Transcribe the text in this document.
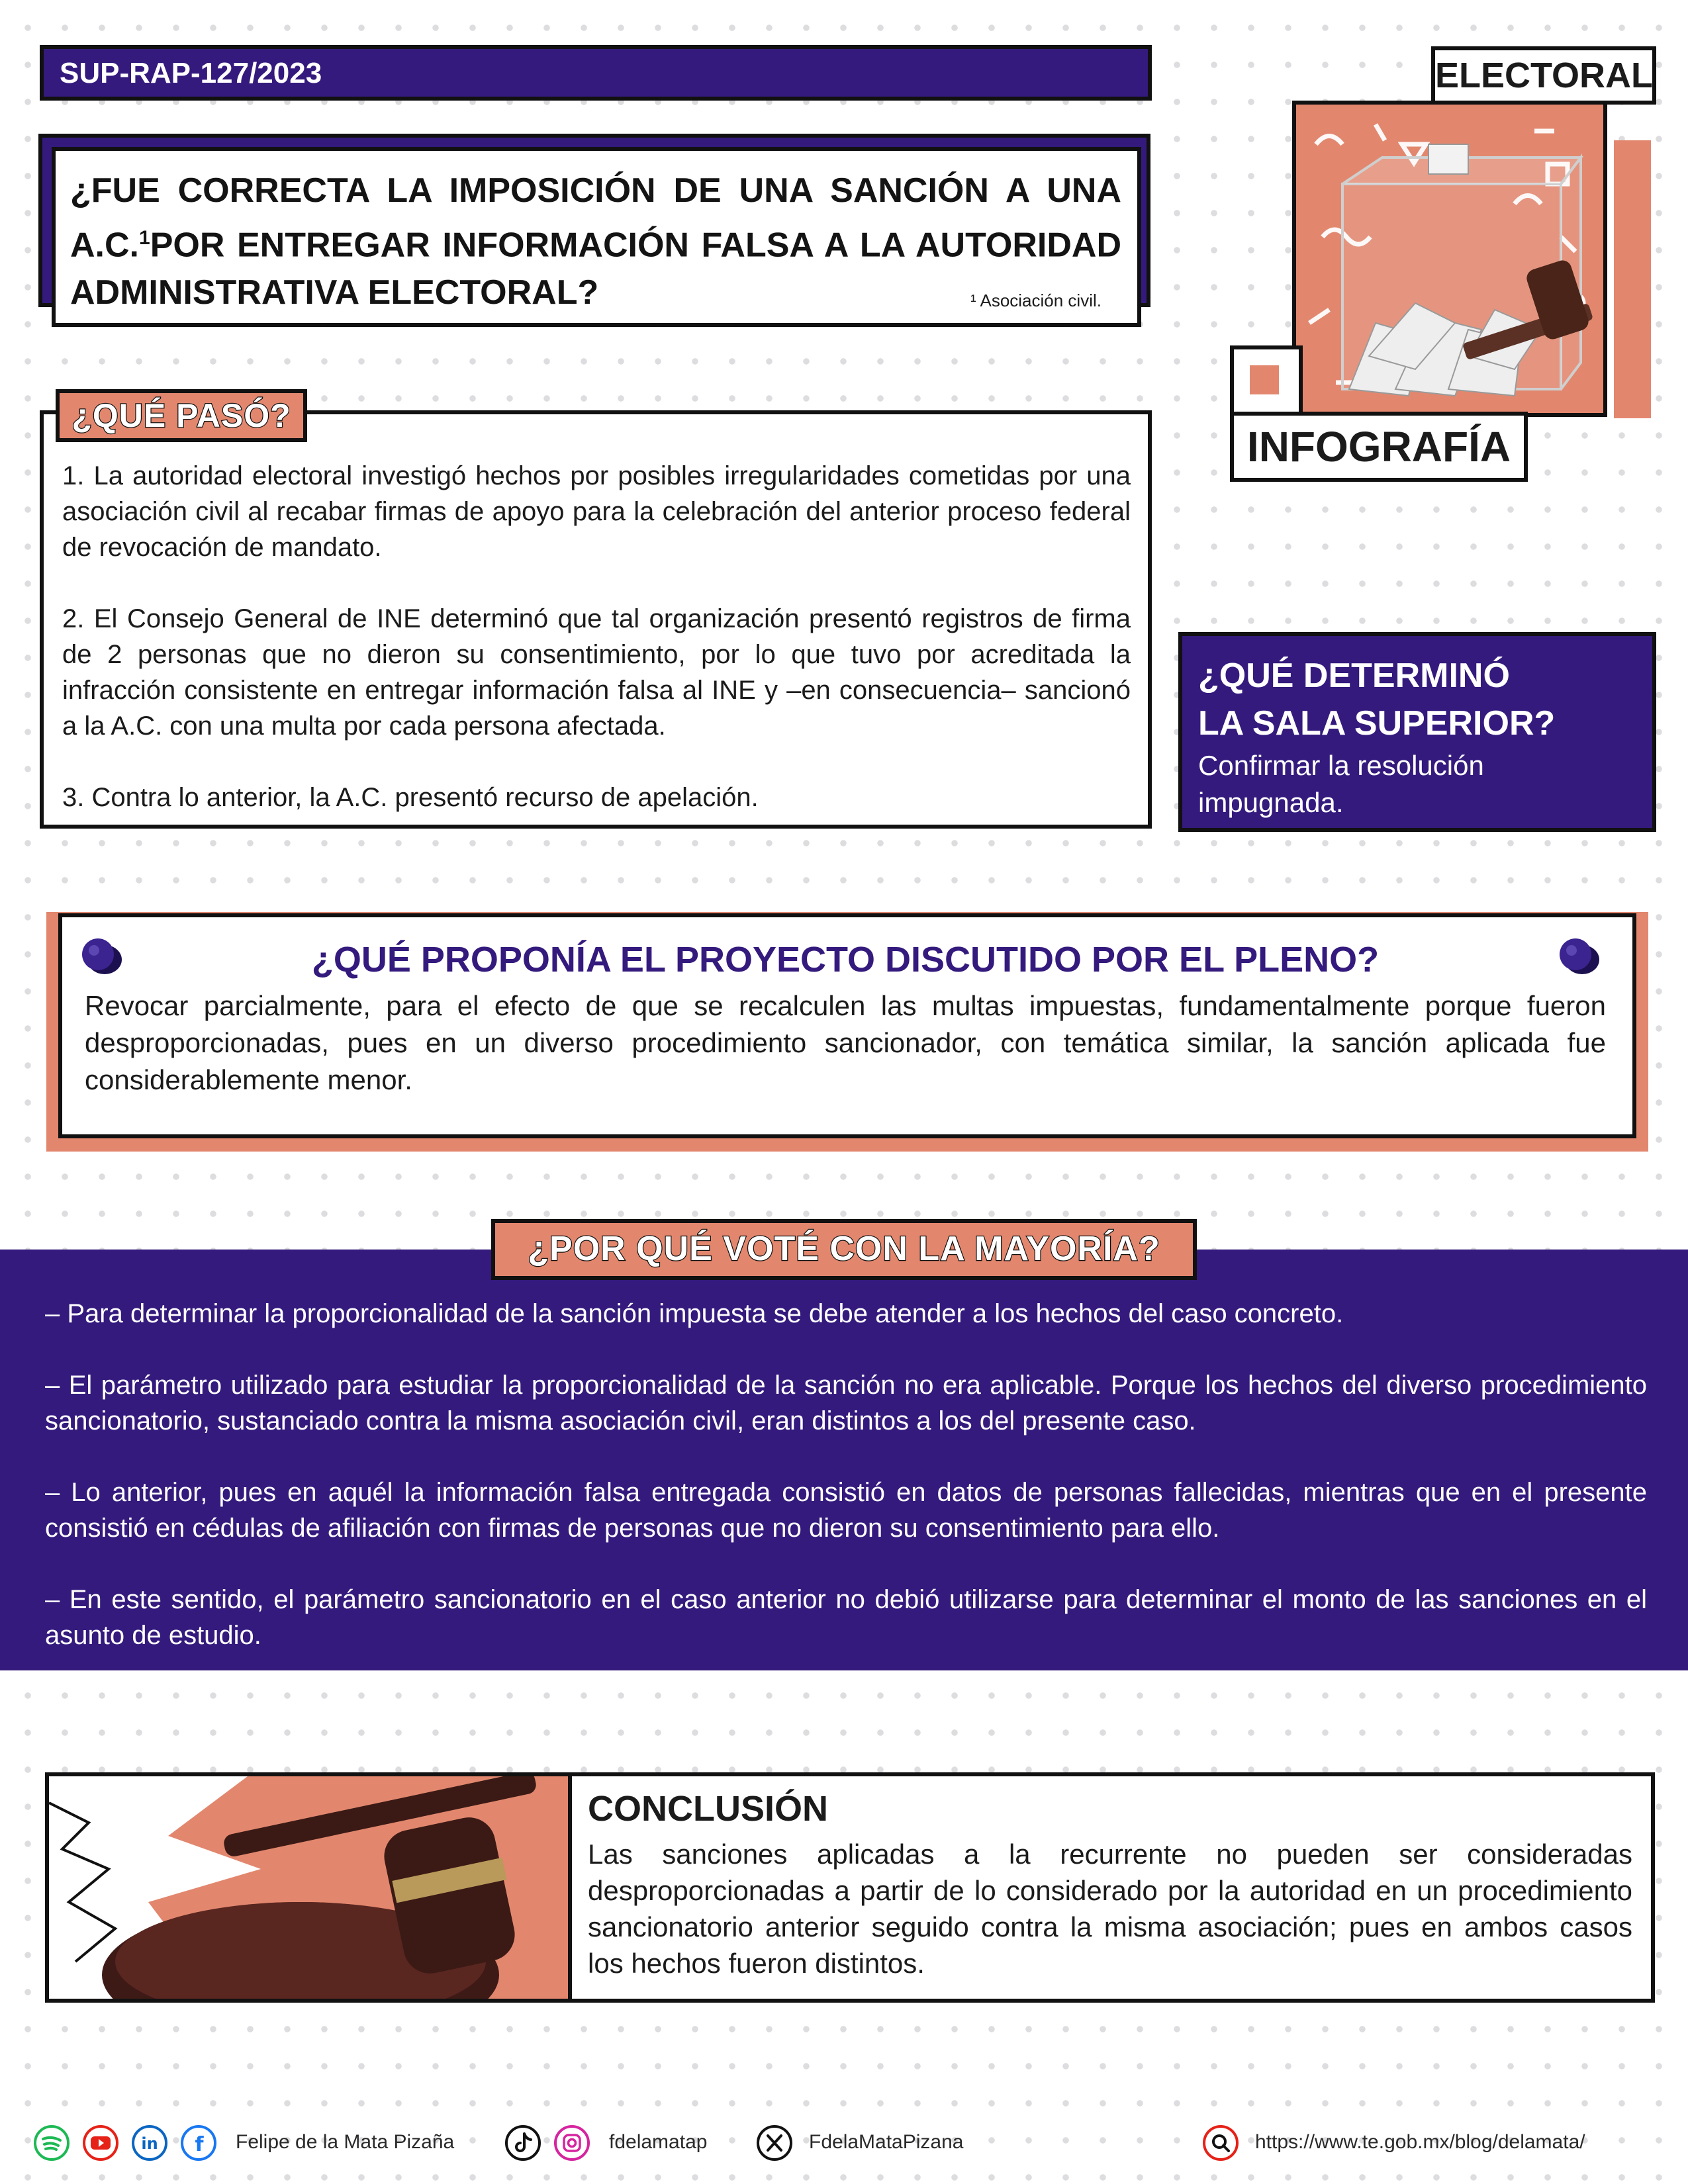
SUP-RAP-127/2023

¿FUE CORRECTA LA IMPOSICIÓN DE UNA SANCIÓN A UNA A.C.$^1$POR ENTREGAR INFORMACIÓN FALSA A LA AUTORIDAD ADMINISTRATIVA ELECTORAL?	¹ Asociación civil.
ELECTORAL
INFOGRAFÍA

1. La autoridad electoral investigó hechos por posibles irregularidades cometidas por una asociación civil al recabar firmas de apoyo para la celebración del anterior proceso federal de revocación de mandato.

2. El Consejo General de INE determinó que tal organización presentó registros de firma de 2 personas que no dieron su consentimiento, por lo que tuvo por acreditada la infracción consistente en entregar información falsa al INE y –en consecuencia– sancionó a la A.C. con una multa por cada persona afectada.

3. Contra lo anterior, la A.C. presentó recurso de apelación.

¿QUÉ PASÓ?

¿QUÉ DETERMINÓ
LA SALA SUPERIOR?

Confirmar la resolución impugnada.

¿QUÉ PROPONÍA EL PROYECTO DISCUTIDO POR EL PLENO?

Revocar parcialmente, para el efecto de que se recalculen las multas impuestas, fundamentalmente porque fueron desproporcionadas, pues en un diverso procedimiento sancionador, con temática similar, la sanción aplicada fue considerablemente menor.

– Para determinar la proporcionalidad de la sanción impuesta se debe atender a los hechos del caso concreto.

– El parámetro utilizado para estudiar la proporcionalidad de la sanción no era aplicable. Porque los hechos del diverso procedimiento sancionatorio, sustanciado contra la misma asociación civil, eran distintos a los del presente caso.

– Lo anterior, pues en aquél la información falsa entregada consistió en datos de personas fallecidas, mientras que en el presente consistió en cédulas de afiliación con firmas de personas que no dieron su consentimiento para ello.

– En este sentido, el parámetro sancionatorio en el caso anterior no debió utilizarse para determinar el monto de las sanciones en el asunto de estudio.

¿POR QUÉ VOTÉ CON LA MAYORÍA?
CONCLUSIÓN

Las sanciones aplicadas a la recurrente no pueden ser consideradas desproporcionadas a partir de lo considerado por la autoridad en un procedimiento sancionatorio anterior seguido contra la misma asociación; pues en ambos casos los hechos fueron distintos.

in f Felipe de la Mata Pizaña	fdelamatap	FdelaMataPizana	https://www.te.gob.mx/blog/delamata/
